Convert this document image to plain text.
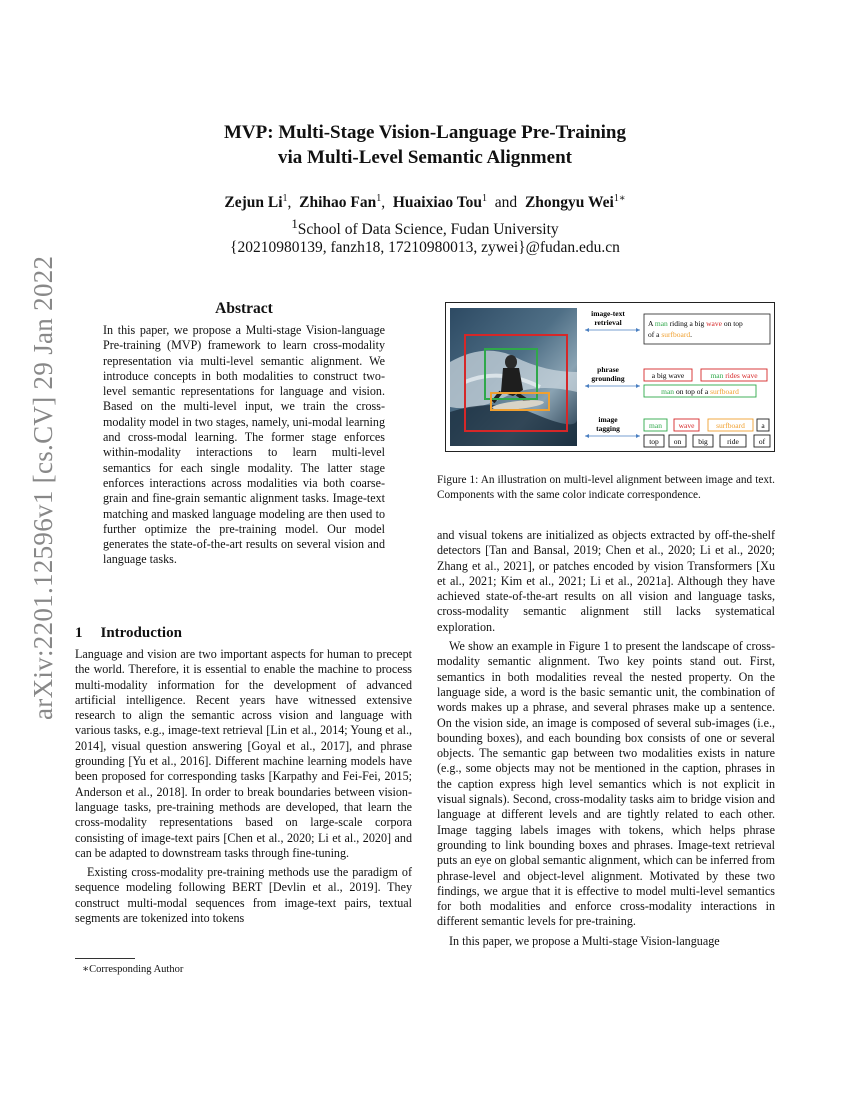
arXiv:2201.12596v1 [cs.CV] 29 Jan 2022
MVP: Multi-Stage Vision-Language Pre-Training
via Multi-Level Semantic Alignment
Zejun Li$^1$,  Zhihao Fan$^1$,  Huaixiao Tou$^1$ and Zhongyu Wei$^{1∗}$
$^1$School of Data Science, Fudan University
{20210980139, fanzh18, 17210980013, zywei}@fudan.edu.cn
Abstract
In this paper, we propose a Multi-stage Vision-language Pre-training (MVP) framework to learn cross-modality representation via multi-level semantic alignment. We introduce concepts in both modalities to construct two-level semantic representations for language and vision. Based on the multi-level input, we train the cross-modality model in two stages, namely, uni-modal learning and cross-modal learning. The former stage enforces within-modality interactions to learn multi-level semantics for each single modality. The latter stage enforces interactions across modalities via both coarse-grain and fine-grain semantic alignment tasks. Image-text matching and masked language modeling are then used to further optimize the pre-training model. Our model generates the state-of-the-art results on several vision and language tasks.
1 Introduction

Language and vision are two important aspects for human to precept the world. Therefore, it is essential to enable the machine to process multi-modality information for the development of advanced artificial intelligence. Recent years have witnessed extensive research to align the semantic across vision and language with various tasks, e.g., image-text retrieval [Lin et al., 2014; Young et al., 2014], visual question answering [Goyal et al., 2017], and phrase grounding [Yu et al., 2016]. Different machine learning models have been proposed for corresponding tasks [Karpathy and Fei-Fei, 2015; Anderson et al., 2018]. In order to break boundaries between vision-language tasks, pre-training methods are developed, that learn the cross-modality representations based on large-scale corpora consisting of image-text pairs [Chen et al., 2020; Li et al., 2020] and can be adapted to downstream tasks through fine-tuning.

Existing cross-modality pre-training methods use the paradigm of sequence modeling following BERT [Devlin et al., 2019]. They construct multi-modal sequences from image-text pairs, textual segments are tokenized into tokens

∗Corresponding Author
image-text
retrieval
phrase
grounding
image
tagging
A man riding a big wave on top
of a surfboard.
a big wave	man rides wave
man on top of a surfboard
man wave	surfboard a
top on big	ride	of
Figure 1: An illustration on multi-level alignment between image and text. Components with the same color indicate correspondence.

and visual tokens are initialized as objects extracted by off-the-shelf detectors [Tan and Bansal, 2019; Chen et al., 2020; Li et al., 2020; Zhang et al., 2021], or patches encoded by vision Transformers [Xu et al., 2021; Kim et al., 2021; Li et al., 2021a]. Although they have achieved state-of-the-art results on all vision and language tasks, cross-modality semantic alignment still lacks systematical exploration.

We show an example in Figure 1 to present the landscape of cross-modality semantic alignment. Two key points stand out. First, semantics in both modalities reveal the nested property. On the language side, a word is the basic semantic unit, the combination of words makes up a phrase, and several phrases make up a sentence. On the vision side, an image is composed of several sub-images (i.e., bounding boxes), and each bounding box consists of one or several objects. The semantic gap between two modalities exists in nature (e.g., some objects may not be mentioned in the caption, phrases in the caption express high level semantics which is not explicit in visual signals). Second, cross-modality tasks aim to bridge vision and language at different levels and are tightly related to each other. Image tagging labels images with tokens, which helps phrase grounding to link bounding boxes and phrases. Image-text retrieval puts an eye on global semantic alignment, which can be inferred from phrase-level and object-level alignment. Motivated by these two findings, we argue that it is effective to model multi-level semantics for both modalities and enforce cross-modality interactions in different semantic levels for pre-training.

In this paper, we propose a Multi-stage Vision-language
